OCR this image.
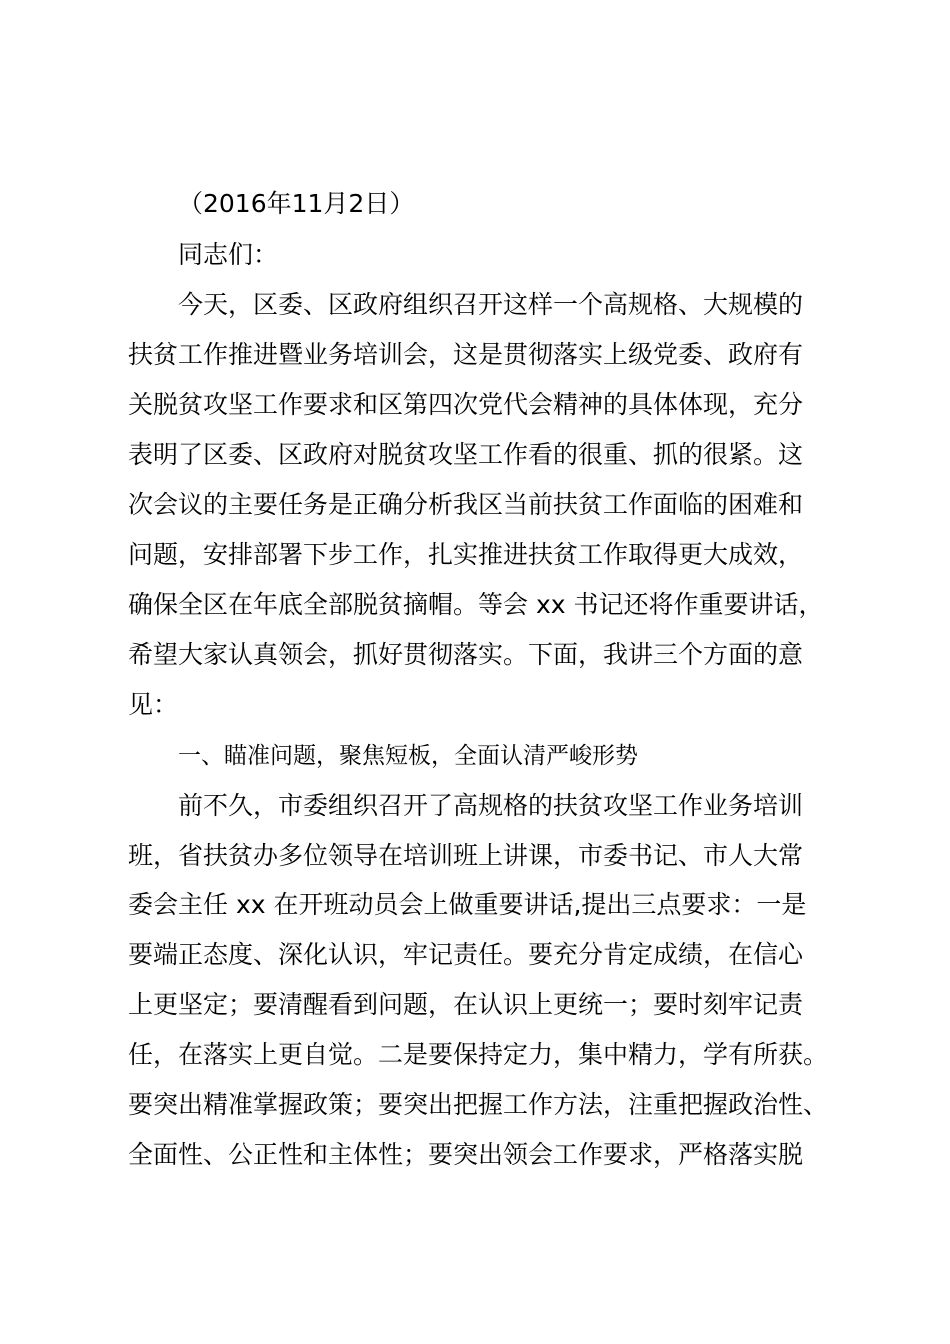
（2016年11月2日）

同志们：

今天，区委、区政府组织召开这样一个高规格、大规模的

扶贫工作推进暨业务培训会，这是贯彻落实上级党委、政府有

关脱贫攻坚工作要求和区第四次党代会精神的具体体现，充分

表明了区委、区政府对脱贫攻坚工作看的很重、抓的很紧。这

次会议的主要任务是正确分析我区当前扶贫工作面临的困难和

问题，安排部署下步工作，扎实推进扶贫工作取得更大成效，

确保全区在年底全部脱贫摘帽。等会 xx 书记还将作重要讲话，

希望大家认真领会，抓好贯彻落实。下面，我讲三个方面的意

见：

一、瞄准问题，聚焦短板，全面认清严峻形势

前不久，市委组织召开了高规格的扶贫攻坚工作业务培训

班，省扶贫办多位领导在培训班上讲课，市委书记、市人大常

委会主任 xx 在开班动员会上做重要讲话,提出三点要求：一是

要端正态度、深化认识，牢记责任。要充分肯定成绩，在信心

上更坚定；要清醒看到问题，在认识上更统一；要时刻牢记责

任，在落实上更自觉。二是要保持定力，集中精力，学有所获。

要突出精准掌握政策；要突出把握工作方法，注重把握政治性、

全面性、公正性和主体性；要突出领会工作要求，严格落实脱
